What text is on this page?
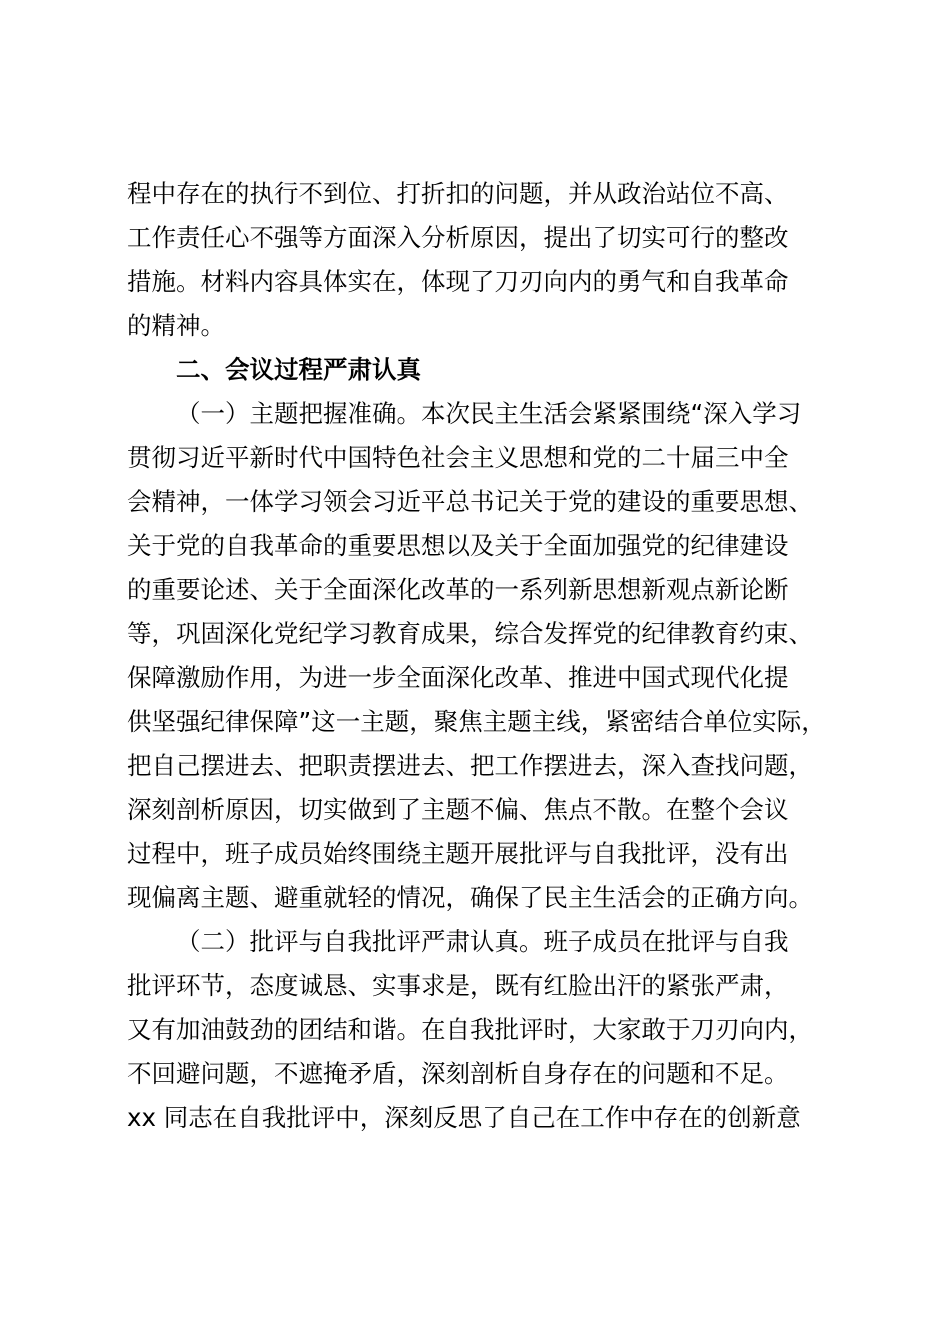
程中存在的执行不到位、打折扣的问题，并从政治站位不高、
工作责任心不强等方面深入分析原因，提出了切实可行的整改
措施。材料内容具体实在，体现了刀刃向内的勇气和自我革命
的精神。
二、会议过程严肃认真
（一）主题把握准确。本次民主生活会紧紧围绕“深入学习
贯彻习近平新时代中国特色社会主义思想和党的二十届三中全
会精神，一体学习领会习近平总书记关于党的建设的重要思想、
关于党的自我革命的重要思想以及关于全面加强党的纪律建设
的重要论述、关于全面深化改革的一系列新思想新观点新论断
等，巩固深化党纪学习教育成果，综合发挥党的纪律教育约束、
保障激励作用，为进一步全面深化改革、推进中国式现代化提
供坚强纪律保障”这一主题，聚焦主题主线，紧密结合单位实际，
把自己摆进去、把职责摆进去、把工作摆进去，深入查找问题，
深刻剖析原因，切实做到了主题不偏、焦点不散。在整个会议
过程中，班子成员始终围绕主题开展批评与自我批评，没有出
现偏离主题、避重就轻的情况，确保了民主生活会的正确方向。
（二）批评与自我批评严肃认真。班子成员在批评与自我
批评环节，态度诚恳、实事求是，既有红脸出汗的紧张严肃，
又有加油鼓劲的团结和谐。在自我批评时，大家敢于刀刃向内，
不回避问题，不遮掩矛盾，深刻剖析自身存在的问题和不足。
xx 同志在自我批评中，深刻反思了自己在工作中存在的创新意
